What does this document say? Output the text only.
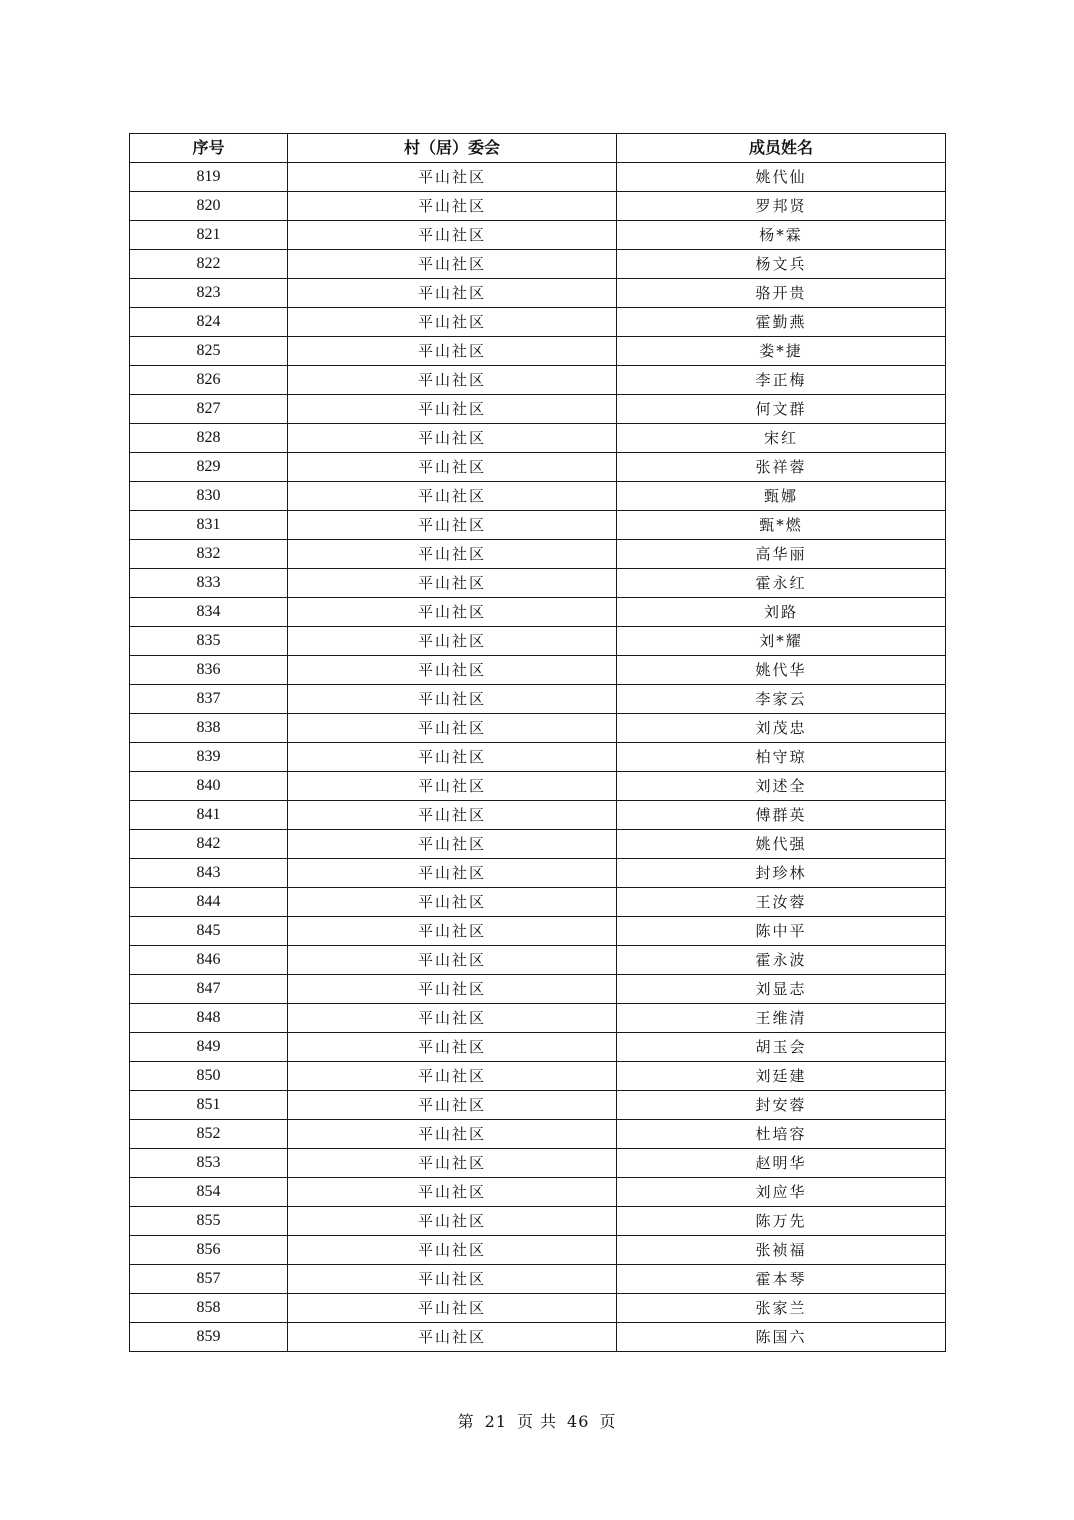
序号	村（居）委会	成员姓名
819	平山社区	姚代仙
820	平山社区	罗邦贤
821	平山社区	杨*霖
822	平山社区	杨文兵
823	平山社区	骆开贵
824	平山社区	霍勤燕
825	平山社区	娄*捷
826	平山社区	李正梅
827	平山社区	何文群
828	平山社区	宋红
829	平山社区	张祥蓉
830	平山社区	甄娜
831	平山社区	甄*燃
832	平山社区	高华丽
833	平山社区	霍永红
834	平山社区	刘路
835	平山社区	刘*耀
836	平山社区	姚代华
837	平山社区	李家云
838	平山社区	刘茂忠
839	平山社区	柏守琼
840	平山社区	刘述全
841	平山社区	傅群英
842	平山社区	姚代强
843	平山社区	封珍林
844	平山社区	王汝蓉
845	平山社区	陈中平
846	平山社区	霍永波
847	平山社区	刘显志
848	平山社区	王维清
849	平山社区	胡玉会
850	平山社区	刘廷建
851	平山社区	封安蓉
852	平山社区	杜培容
853	平山社区	赵明华
854	平山社区	刘应华
855	平山社区	陈万先
856	平山社区	张祯福
857	平山社区	霍本琴
858	平山社区	张家兰
859	平山社区	陈国六
第 21 页 共 46 页
